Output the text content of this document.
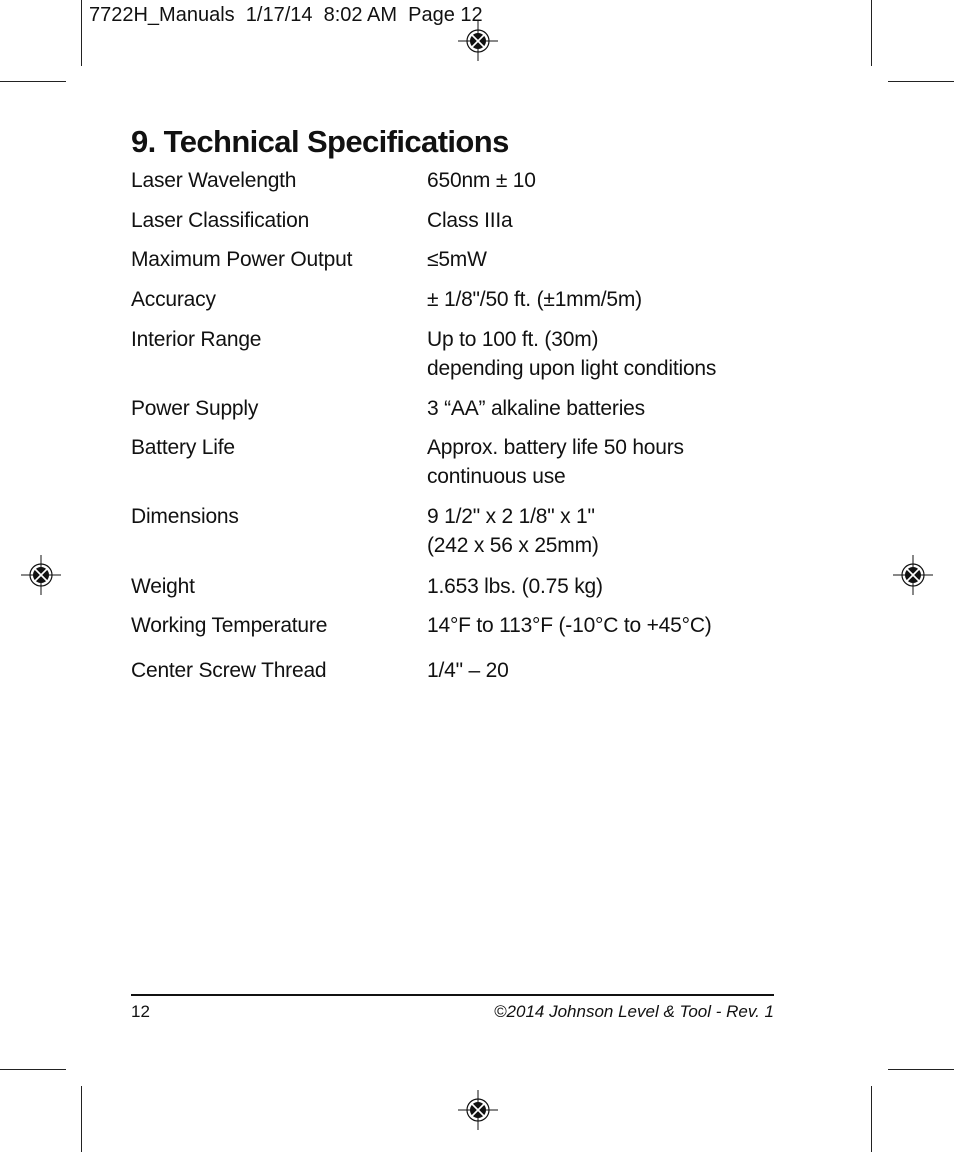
7722H_Manuals  1/17/14  8:02 AM  Page 12
9. Technical Specifications
Laser Wavelength	650nm ± 10
Laser Classification	Class IIIa
Maximum Power Output	≤5mW
Accuracy	± 1/8"/50 ft. (±1mm/5m)
Interior Range	Up to 100 ft. (30m)
depending upon light conditions
Power Supply	3 “AA” alkaline batteries
Battery Life	Approx. battery life 50 hours
continuous use
Dimensions	9 1/2" x 2 1/8" x 1"
(242 x 56 x 25mm)
Weight	1.653 lbs. (0.75 kg)
Working Temperature	14°F to 113°F (-10°C to +45°C)
Center Screw Thread	1/4" – 20
12	©2014 Johnson Level & Tool - Rev. 1
